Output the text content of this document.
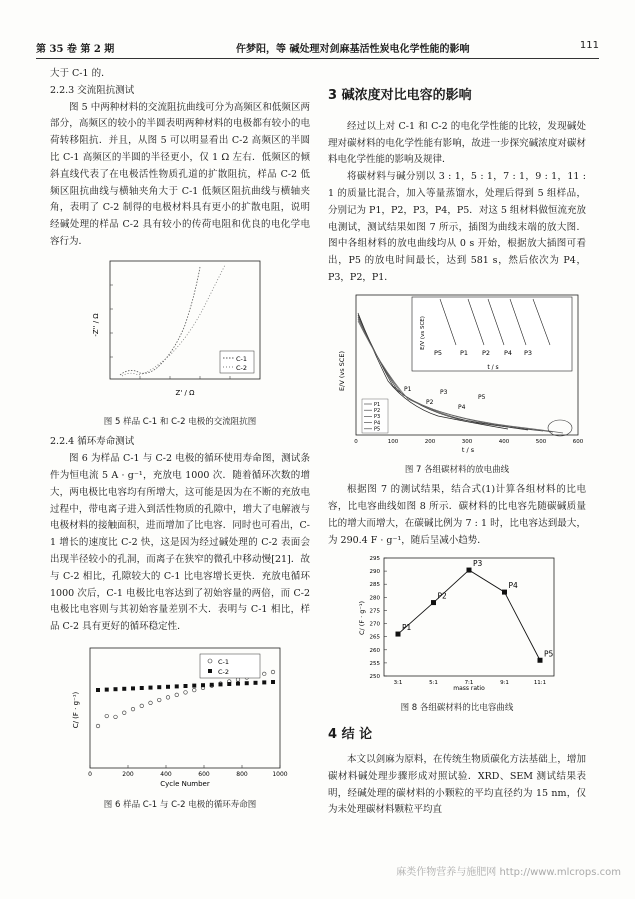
第 35 卷 第 2 期	仵梦阳，等 碱处理对剑麻基活性炭电化学性能的影响	111

大于 C-1 的．

2.2.3 交流阻抗测试

图 5 中两种材料的交流阻抗曲线可分为高频区和低频区两部分，高频区的较小的半圆表明两种材料的电极都有较小的电荷转移阻抗．并且，从图 5 可以明显看出 C-2 高频区的半圆比 C-1 高频区的半圆的半径更小，仅 1 Ω 左右．低频区的倾斜直线代表了在电极活性物质孔道的扩散阻抗，样品 C-2 低频区阻抗曲线与横轴夹角大于 C-1 低频区阻抗曲线与横轴夹角，表明了 C-2 制得的电极材料具有更小的扩散电阻，说明经碱处理的样品 C-2 具有较小的传荷电阻和优良的电化学电容行为．

-Z'' / Ω
Z' / Ω
C-1
C-2

图 5 样品 C-1 和 C-2 电极的交流阻抗图

2.2.4 循环寿命测试

图 6 为样品 C-1 与 C-2 电极的循环使用寿命图，测试条件为恒电流 5 A · g⁻¹，充放电 1000 次．随着循环次数的增大，两电极比电容均有所增大，这可能是因为在不断的充放电过程中，带电离子进入到活性物质的孔隙中，增大了电解液与电极材料的接触面积，进而增加了比电容．同时也可看出，C-1 增长的速度比 C-2 快，这是因为经过碱处理的 C-2 表面会出现半径较小的孔洞，而离子在狭窄的微孔中移动慢[21]．故与 C-2 相比，孔隙较大的 C-1 比电容增长更快．充放电循环 1000 次后，C-1 电极比电容达到了初始容量的两倍，而 C-2 电极比电容则与其初始容量差别不大．表明与 C-1 相比，样品 C-2 具有更好的循环稳定性．

C/ (F · g⁻¹)
0	200	400	600	800	1000
Cycle Number
C-1
C-2

图 6 样品 C-1 与 C-2 电极的循环寿命图

3 碱浓度对比电容的影响

经过以上对 C-1 和 C-2 的电化学性能的比较，发现碱处理对碳材料的电化学性能有影响，故进一步探究碱浓度对碳材料电化学性能的影响及规律．

将碳材料与碱分别以 3 : 1，5 : 1，7 : 1，9 : 1，11 : 1 的质量比混合，加入等量蒸馏水，处理后得到 5 组样品，分别记为 P1，P2，P3，P4，P5．对这 5 组材料做恒流充放电测试，测试结果如图 7 所示，插图为曲线末端的放大图．图中各组材料的放电曲线均从 0 s 开始，根据放大插图可看出，P5 的放电时间最长，达到 581 s，然后依次为 P4，P3，P2，P1．

E/V (vs SCE)
0	100	200	300	400	500	600
t / s
P1
P2
P3
P4
P5
P1
P2
P3
P4
P5
E/V (vs SCE)
t / s
P5	P1 P2 P4 P3

图 7 各组碳材料的放电曲线

根据图 7 的测试结果，结合式(1)计算各组材料的比电容，比电容曲线如图 8 所示．碳材料的比电容先随碳碱质量比的增大而增大，在碳碱比例为 7 : 1 时，比电容达到最大，为 290.4 F · g⁻¹，随后呈减小趋势．

C/ (F · g⁻¹)
mass ratio
250
255
260
265
270
275
280
285
290
295
3:1	5:1	7:1	9:1	11:1
P1
P2
P3
P4
P5

图 8 各组碳材料的比电容曲线

4 结 论

本文以剑麻为原料，在传统生物质碳化方法基础上，增加碳材料碱处理步骤形成对照试验．XRD、SEM 测试结果表明，经碱处理的碳材料的小颗粒的平均直径约为 15 nm，仅为未处理碳材料颗粒平均直

麻类作物营养与施肥网 http://www.mlcrops.com
